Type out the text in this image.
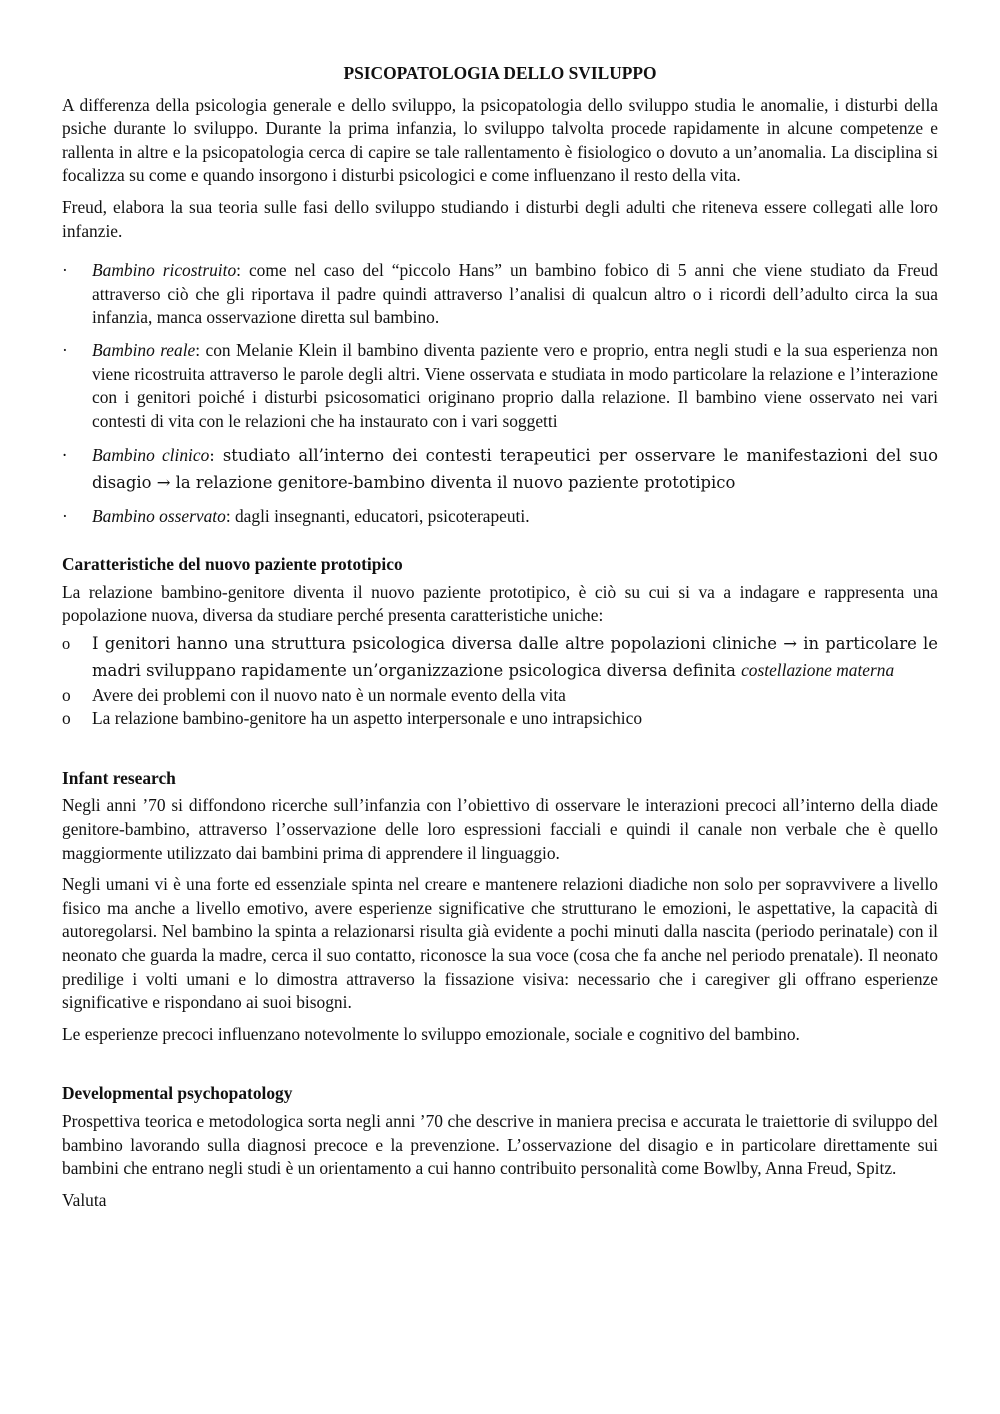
PSICOPATOLOGIA DELLO SVILUPPO

A differenza della psicologia generale e dello sviluppo, la psicopatologia dello sviluppo studia le anomalie, i disturbi della psiche durante lo sviluppo. Durante la prima infanzia, lo sviluppo talvolta procede rapidamente in alcune competenze e rallenta in altre e la psicopatologia cerca di capire se tale rallentamento è fisiologico o dovuto a un’anomalia. La disciplina si focalizza su come e quando insorgono i disturbi psicologici e come influenzano il resto della vita.

Freud, elabora la sua teoria sulle fasi dello sviluppo studiando i disturbi degli adulti che riteneva essere collegati alle loro infanzie.

·	Bambino ricostruito: come nel caso del “piccolo Hans” un bambino fobico di 5 anni che viene studiato da Freud attraverso ciò che gli riportava il padre quindi attraverso l’analisi di qualcun altro o i ricordi dell’adulto circa la sua infanzia, manca osservazione diretta sul bambino.
·	Bambino reale: con Melanie Klein il bambino diventa paziente vero e proprio, entra negli studi e la sua esperienza non viene ricostruita attraverso le parole degli altri. Viene osservata e studiata in modo particolare la relazione e l’interazione con i genitori poiché i disturbi psicosomatici originano proprio dalla relazione. Il bambino viene osservato nei vari contesti di vita con le relazioni che ha instaurato con i vari soggetti
·	Bambino clinico: studiato all’interno dei contesti terapeutici per osservare le manifestazioni del suo disagio → la relazione genitore-bambino diventa il nuovo paziente prototipico
·	Bambino osservato: dagli insegnanti, educatori, psicoterapeuti.
Caratteristiche del nuovo paziente prototipico

La relazione bambino-genitore diventa il nuovo paziente prototipico, è ciò su cui si va a indagare e rappresenta una popolazione nuova, diversa da studiare perché presenta caratteristiche uniche:

o I genitori hanno una struttura psicologica diversa dalle altre popolazioni cliniche → in particolare le madri sviluppano rapidamente un’organizzazione psicologica diversa definita costellazione materna
o Avere dei problemi con il nuovo nato è un normale evento della vita
o La relazione bambino-genitore ha un aspetto interpersonale e uno intrapsichico
Infant research

Negli anni ’70 si diffondono ricerche sull’infanzia con l’obiettivo di osservare le interazioni precoci all’interno della diade genitore-bambino, attraverso l’osservazione delle loro espressioni facciali e quindi il canale non verbale che è quello maggiormente utilizzato dai bambini prima di apprendere il linguaggio.

Negli umani vi è una forte ed essenziale spinta nel creare e mantenere relazioni diadiche non solo per sopravvivere a livello fisico ma anche a livello emotivo, avere esperienze significative che strutturano le emozioni, le aspettative, la capacità di autoregolarsi. Nel bambino la spinta a relazionarsi risulta già evidente a pochi minuti dalla nascita (periodo perinatale) con il neonato che guarda la madre, cerca il suo contatto, riconosce la sua voce (cosa che fa anche nel periodo prenatale). Il neonato predilige i volti umani e lo dimostra attraverso la fissazione visiva: necessario che i caregiver gli offrano esperienze significative e rispondano ai suoi bisogni.

Le esperienze precoci influenzano notevolmente lo sviluppo emozionale, sociale e cognitivo del bambino.

Developmental psychopatology

Prospettiva teorica e metodologica sorta negli anni ’70 che descrive in maniera precisa e accurata le traiettorie di sviluppo del bambino lavorando sulla diagnosi precoce e la prevenzione. L’osservazione del disagio e in particolare direttamente sui bambini che entrano negli studi è un orientamento a cui hanno contribuito personalità come Bowlby, Anna Freud, Spitz.

Valuta
